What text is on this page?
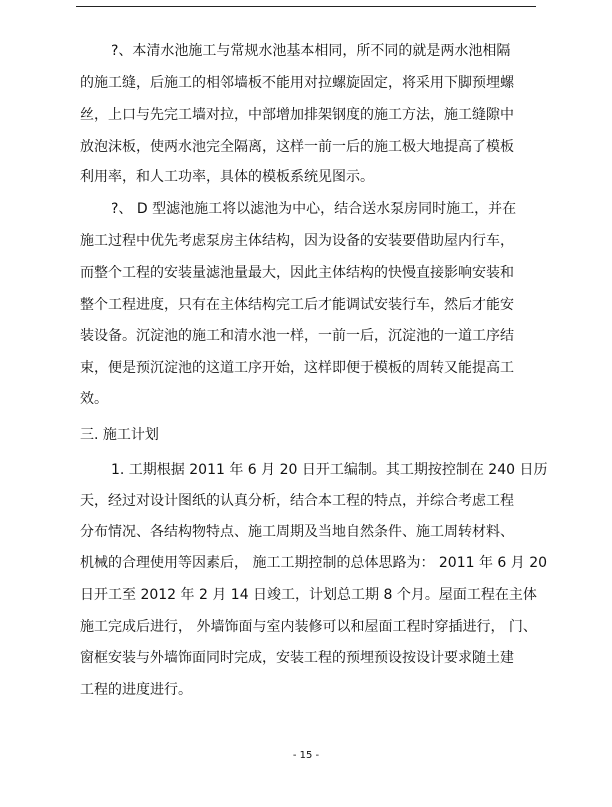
?、本清水池施工与常规水池基本相同，所不同的就是两水池相隔
的施工缝，后施工的相邻墙板不能用对拉螺旋固定，将采用下脚预埋螺
丝，上口与先完工墙对拉，中部增加排架钢度的施工方法，施工缝隙中
放泡沫板，使两水池完全隔离，这样一前一后的施工极大地提高了模板
利用率，和人工功率，具体的模板系统见图示。
?、 D 型滤池施工将以滤池为中心，结合送水泵房同时施工，并在
施工过程中优先考虑泵房主体结构，因为设备的安装要借助屋内行车，
而整个工程的安装量滤池量最大，因此主体结构的快慢直接影响安装和
整个工程进度，只有在主体结构完工后才能调试安装行车，然后才能安
装设备。沉淀池的施工和清水池一样，一前一后，沉淀池的一道工序结
束，便是预沉淀池的这道工序开始，这样即便于模板的周转又能提高工
效。
三. 施工计划
1. 工期根据 2011 年 6 月 20 日开工编制。其工期按控制在 240 日历
天，经过对设计图纸的认真分析，结合本工程的特点，并综合考虑工程
分布情况、各结构物特点、施工周期及当地自然条件、施工周转材料、
机械的合理使用等因素后， 施工工期控制的总体思路为： 2011 年 6 月 20
日开工至 2012 年 2 月 14 日竣工，计划总工期 8 个月。屋面工程在主体
施工完成后进行， 外墙饰面与室内装修可以和屋面工程时穿插进行， 门、
窗框安装与外墙饰面同时完成，安装工程的预埋预设按设计要求随土建
工程的进度进行。
- 15 -
